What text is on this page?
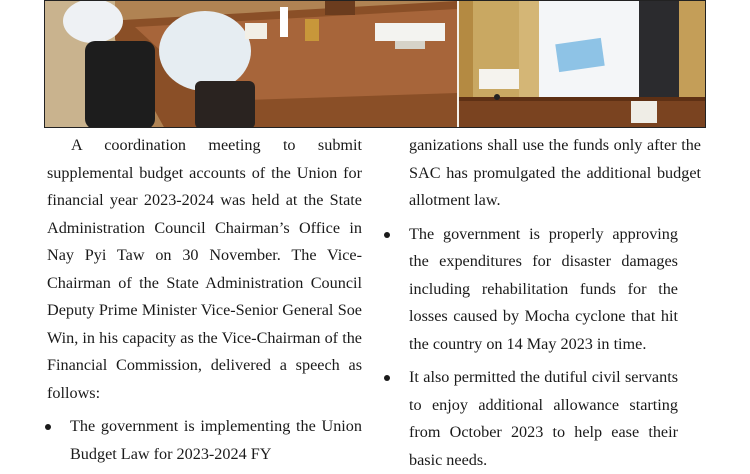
A coordination meeting to submit supplemental budget accounts of the Union for financial year 2023-2024 was held at the State Administration Council Chairman’s Office in Nay Pyi Taw on 30 November. The Vice- Chairman of the State Administration Council Deputy Prime Minister Vice-Senior General Soe Win, in his capacity as the Vice-Chairman of the Financial Commission, delivered a speech as follows:

The government is implementing the Union Budget Law for 2023-2024 FY

ganizations shall use the funds only after the SAC has promulgated the additional budget allotment law.

The government is properly approving the expenditures for disaster damages including rehabilitation funds for the losses caused by Mocha cyclone that hit the country on 14 May 2023 in time.
It also permitted the dutiful civil servants to enjoy additional allowance starting from October 2023 to help ease their basic needs.
